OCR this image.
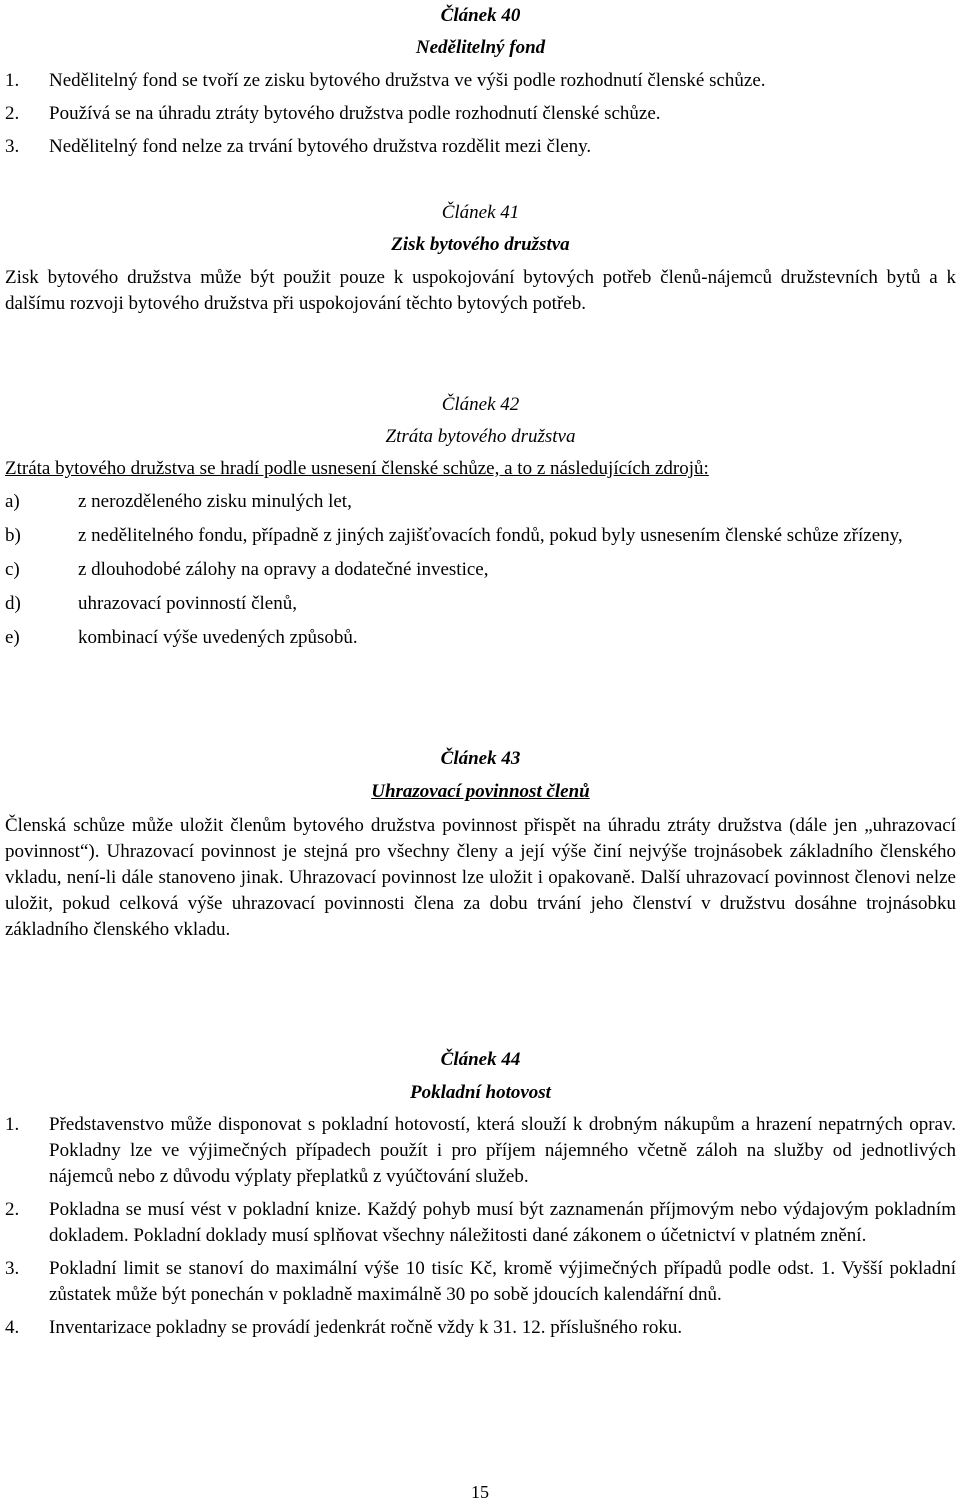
Článek 40
Nedělitelný fond
1. Nedělitelný fond se tvoří ze zisku bytového družstva ve výši podle rozhodnutí členské schůze.
2. Používá se na úhradu ztráty bytového družstva podle rozhodnutí členské schůze.
3. Nedělitelný fond nelze za trvání bytového družstva rozdělit mezi členy.
Článek 41
Zisk bytového družstva
Zisk bytového družstva může být použit pouze k uspokojování bytových potřeb členů-nájemců družstevních bytů a k dalšímu rozvoji bytového družstva při uspokojování těchto bytových potřeb.
Článek 42
Ztráta bytového družstva
Ztráta bytového družstva se hradí podle usnesení členské schůze, a to z následujících zdrojů:
a)	z nerozděleného zisku minulých let,
b)	z nedělitelného fondu, případně z jiných zajišťovacích fondů, pokud byly usnesením členské schůze zřízeny,
c)	z dlouhodobé zálohy na opravy a dodatečné investice,
d)	uhrazovací povinností členů,
e)	kombinací výše uvedených způsobů.
Článek 43
Uhrazovací povinnost členů
Členská schůze může uložit členům bytového družstva povinnost přispět na úhradu ztráty družstva (dále jen „uhrazovací povinnost“). Uhrazovací povinnost je stejná pro všechny členy a její výše činí nejvýše trojnásobek základního členského vkladu, není-li dále stanoveno jinak. Uhrazovací povinnost lze uložit i opakovaně. Další uhrazovací povinnost členovi nelze uložit, pokud celková výše uhrazovací povinnosti člena za dobu trvání jeho členství v družstvu dosáhne trojnásobku základního členského vkladu.
Článek 44
Pokladní hotovost
1. Představenstvo může disponovat s pokladní hotovostí, která slouží k drobným nákupům a hrazení nepatrných oprav. Pokladny lze ve výjimečných případech použít i pro příjem nájemného včetně záloh na služby od jednotlivých nájemců nebo z důvodu výplaty přeplatků z vyúčtování služeb.
2. Pokladna se musí vést v pokladní knize. Každý pohyb musí být zaznamenán příjmovým nebo výdajovým pokladním dokladem. Pokladní doklady musí splňovat všechny náležitosti dané zákonem o účetnictví v platném znění.
3. Pokladní limit se stanoví do maximální výše 10 tisíc Kč, kromě výjimečných případů podle odst. 1. Vyšší pokladní zůstatek může být ponechán v pokladně maximálně 30 po sobě jdoucích kalendářní dnů.
4. Inventarizace pokladny se provádí jedenkrát ročně vždy k 31. 12. příslušného roku.
15
